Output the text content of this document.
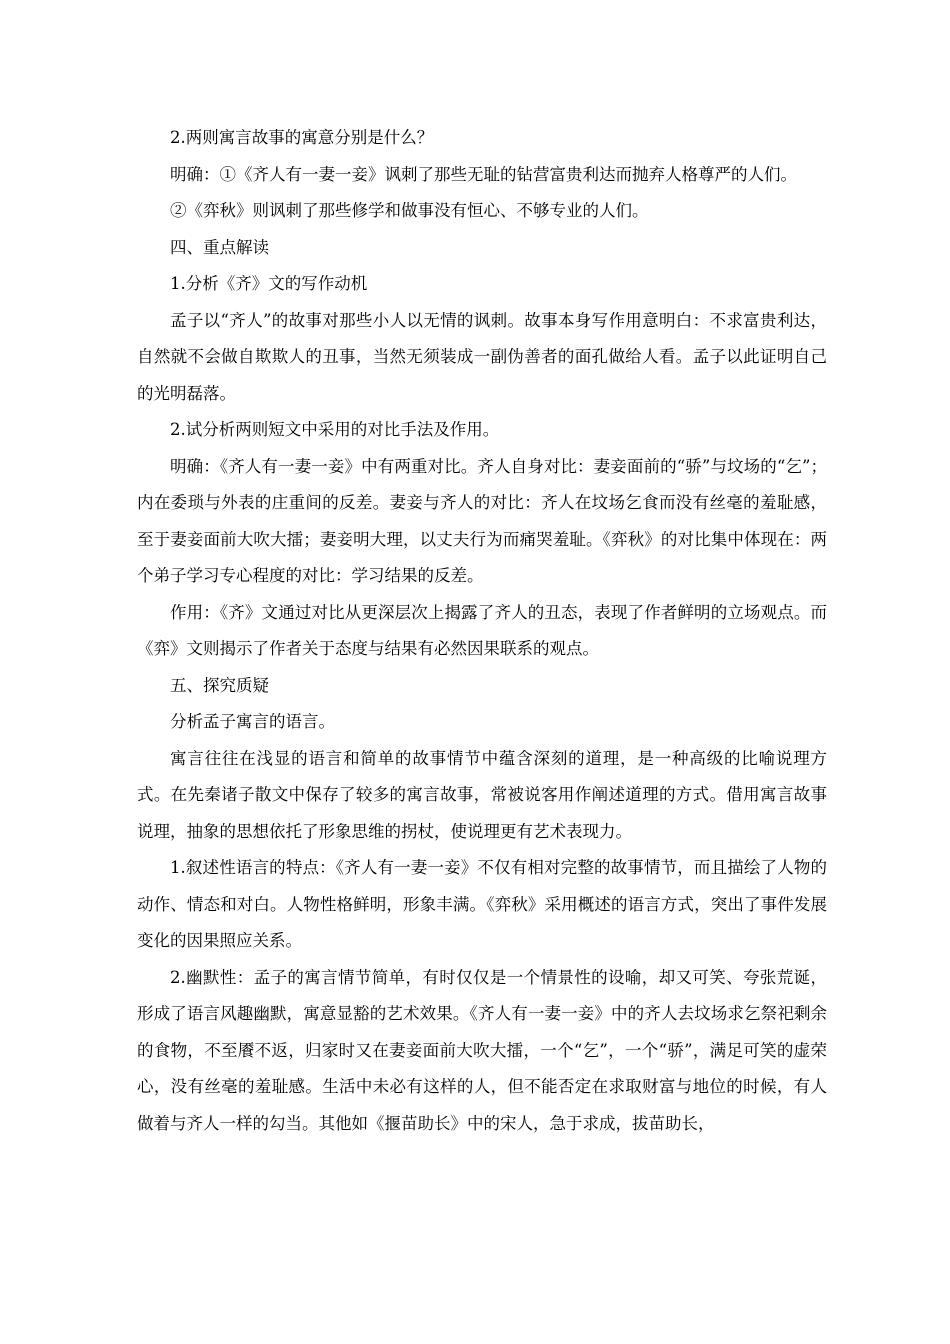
2.两则寓言故事的寓意分别是什么？

明确：①《齐人有一妻一妾》讽刺了那些无耻的钻营富贵利达而抛弃人格尊严的人们。

②《弈秋》则讽刺了那些修学和做事没有恒心、不够专业的人们。

四、重点解读

1.分析《齐》文的写作动机

孟子以“齐人”的故事对那些小人以无情的讽刺。故事本身写作用意明白：不求富贵利达，自然就不会做自欺欺人的丑事，当然无须装成一副伪善者的面孔做给人看。孟子以此证明自己的光明磊落。

2.试分析两则短文中采用的对比手法及作用。

明确：《齐人有一妻一妾》中有两重对比。齐人自身对比：妻妾面前的“骄”与坟场的“乞”；内在委琐与外表的庄重间的反差。妻妾与齐人的对比：齐人在坟场乞食而没有丝毫的羞耻感，至于妻妾面前大吹大擂；妻妾明大理，以丈夫行为而痛哭羞耻。《弈秋》的对比集中体现在：两个弟子学习专心程度的对比：学习结果的反差。

作用：《齐》文通过对比从更深层次上揭露了齐人的丑态，表现了作者鲜明的立场观点。而《弈》文则揭示了作者关于态度与结果有必然因果联系的观点。

五、探究质疑

分析孟子寓言的语言。

寓言往往在浅显的语言和简单的故事情节中蕴含深刻的道理，是一种高级的比喻说理方式。在先秦诸子散文中保存了较多的寓言故事，常被说客用作阐述道理的方式。借用寓言故事说理，抽象的思想依托了形象思维的拐杖，使说理更有艺术表现力。

1.叙述性语言的特点：《齐人有一妻一妾》不仅有相对完整的故事情节，而且描绘了人物的动作、情态和对白。人物性格鲜明，形象丰满。《弈秋》采用概述的语言方式，突出了事件发展变化的因果照应关系。

2.幽默性：孟子的寓言情节简单，有时仅仅是一个情景性的设喻，却又可笑、夸张荒诞，形成了语言风趣幽默，寓意显豁的艺术效果。《齐人有一妻一妾》中的齐人去坟场求乞祭祀剩余的食物，不至餍不返，归家时又在妻妾面前大吹大擂，一个“乞”，一个“骄”，满足可笑的虚荣心，没有丝毫的羞耻感。生活中未必有这样的人，但不能否定在求取财富与地位的时候，有人做着与齐人一样的勾当。其他如《揠苗助长》中的宋人，急于求成，拔苗助长，
